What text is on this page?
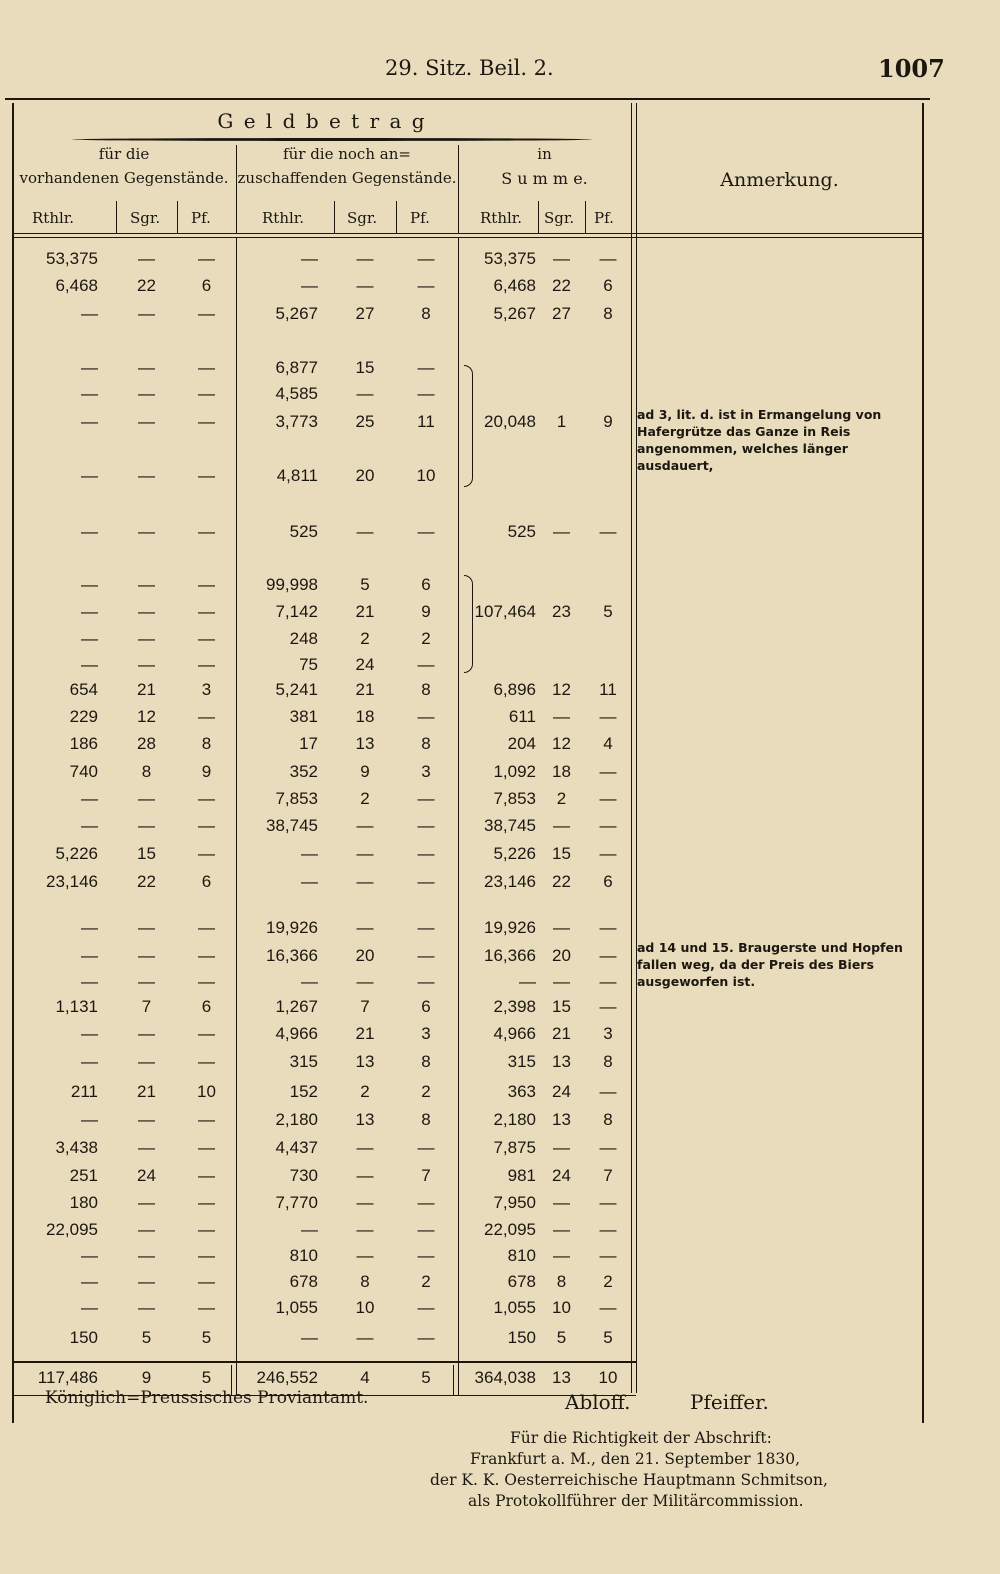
29. Sitz. Beil. 2.	1007
G e l d b e t r a g
für die
vorhandenen Gegenstände.
für die noch an=
zuschaffenden Gegenstände.
in
S u m m e.	Anmerkung.
Rthlr.	Sgr. Pf.	Rthlr.	Sgr. Pf.	Rthlr. Sgr. Pf.
53,375	—	—	—	—	—	53,375	—	—
6,468	22	6	—	—	—	6,468 22	6
—	—	—	5,267	27	8	5,267 27	8
—	—	—	6,877	15	—
—	—	—	4,585	—	—
—	—	—	3,773	25	11	20,048	1	9
—	—	—	4,811	20	10
—	—	—	525	—	—	525	—	—
—	—	—	99,998	5	6
—	—	—	7,142	21	9	107,464 23	5
—	—	—	248	2	2
—	—	—	75	24	—
654	21	3	5,241	21	8	6,896 12	11
229	12	—	381	18	—	611	—	—
186	28	8	17	13	8	204 12	4
740	8	9	352	9	3	1,092 18	—
—	—	—	7,853	2	—	7,853	2	—
—	—	—	38,745	—	—	38,745	—	—
5,226	15	—	—	—	—	5,226 15	—
23,146	22	6	—	—	—	23,146 22	6
—	—	—	19,926	—	—	19,926	—	—
—	—	—	16,366	20	—	16,366 20	—
—	—	—	—	—	—	—	—	—
1,131	7	6	1,267	7	6	2,398 15	—
—	—	—	4,966	21	3	4,966 21	3
—	—	—	315	13	8	315 13	8
211	21	10	152	2	2	363 24	—
—	—	—	2,180	13	8	2,180 13	8
3,438	—	—	4,437	—	—	7,875	—	—
251	24	—	730	—	7	981 24	7
180	—	—	7,770	—	—	7,950	—	—
22,095	—	—	—	—	—	22,095	—	—
—	—	—	810	—	—	810	—	—
—	—	—	678	8	2	678	8	2
—	—	—	1,055	10	—	1,055 10	—
150	5	5	—	—	—	150	5	5
117,486	9	5	246,552	4	5	364,038 13	10
ad 3, lit. d. ist in Ermangelung von Hafergrütze das Ganze in Reis angenommen, welches länger ausdauert,
ad 14 und 15. Braugerste und Hopfen fallen weg, da der Preis des Biers ausgeworfen ist.
Königlich=Preussisches Proviantamt.	Abloff.	Pfeiffer.
Für die Richtigkeit der Abschrift:
Frankfurt a. M., den 21. September 1830,
der K. K. Oesterreichische Hauptmann Schmitson,
als Protokollführer der Militärcommission.
